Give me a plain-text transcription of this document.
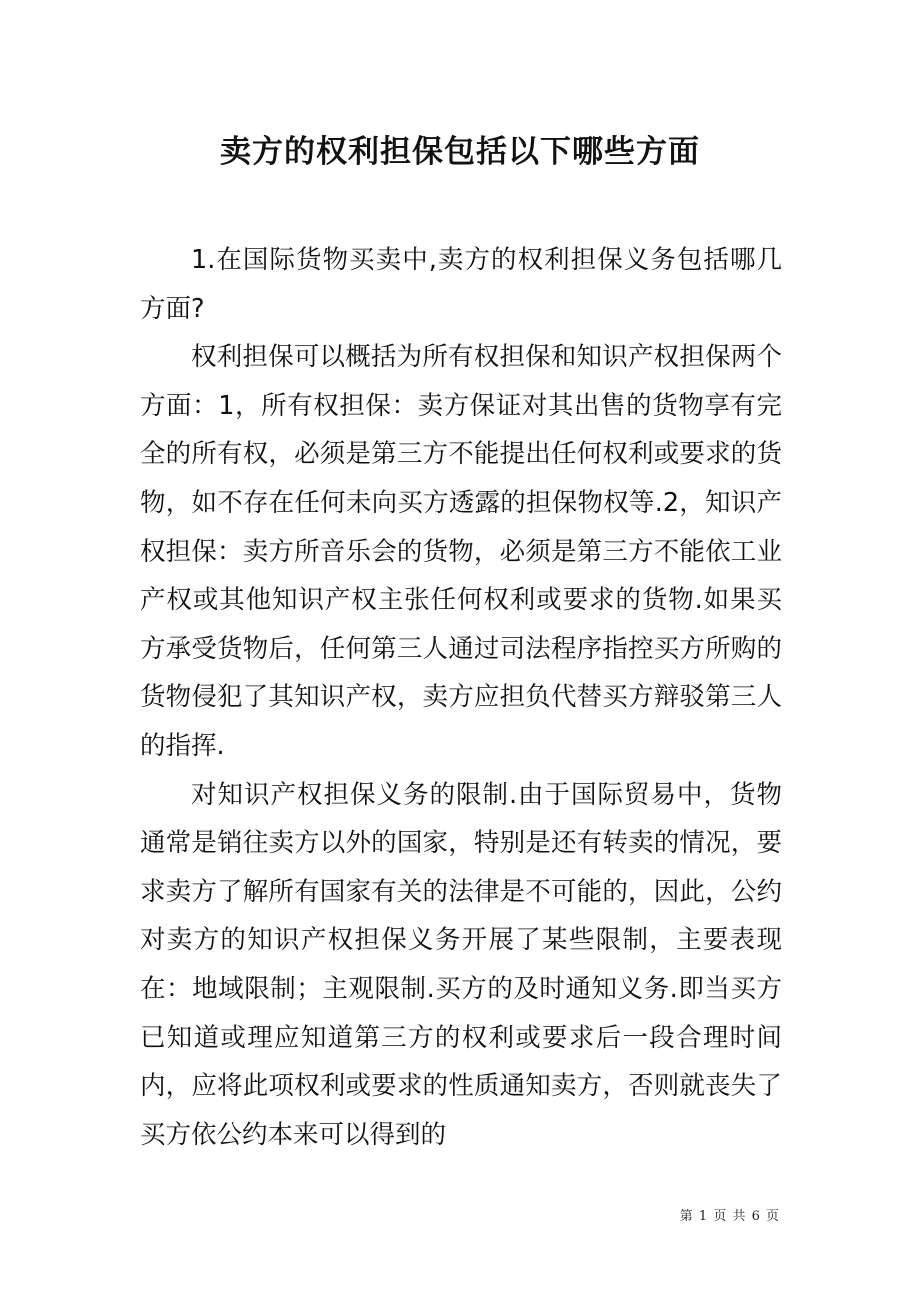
卖方的权利担保包括以下哪些方面

1.在国际货物买卖中,卖方的权利担保义务包括哪几方面?

权利担保可以概括为所有权担保和知识产权担保两个方面：1，所有权担保：卖方保证对其出售的货物享有完全的所有权，必须是第三方不能提出任何权利或要求的货物，如不存在任何未向买方透露的担保物权等.2，知识产权担保：卖方所音乐会的货物，必须是第三方不能依工业产权或其他知识产权主张任何权利或要求的货物.如果买方承受货物后，任何第三人通过司法程序指控买方所购的货物侵犯了其知识产权，卖方应担负代替买方辩驳第三人的指挥.

对知识产权担保义务的限制.由于国际贸易中，货物通常是销往卖方以外的国家，特别是还有转卖的情况，要求卖方了解所有国家有关的法律是不可能的，因此，公约对卖方的知识产权担保义务开展了某些限制，主要表现在：地域限制；主观限制.买方的及时通知义务.即当买方已知道或理应知道第三方的权利或要求后一段合理时间内，应将此项权利或要求的性质通知卖方，否则就丧失了买方依公约本来可以得到的

第 1 页 共 6 页
